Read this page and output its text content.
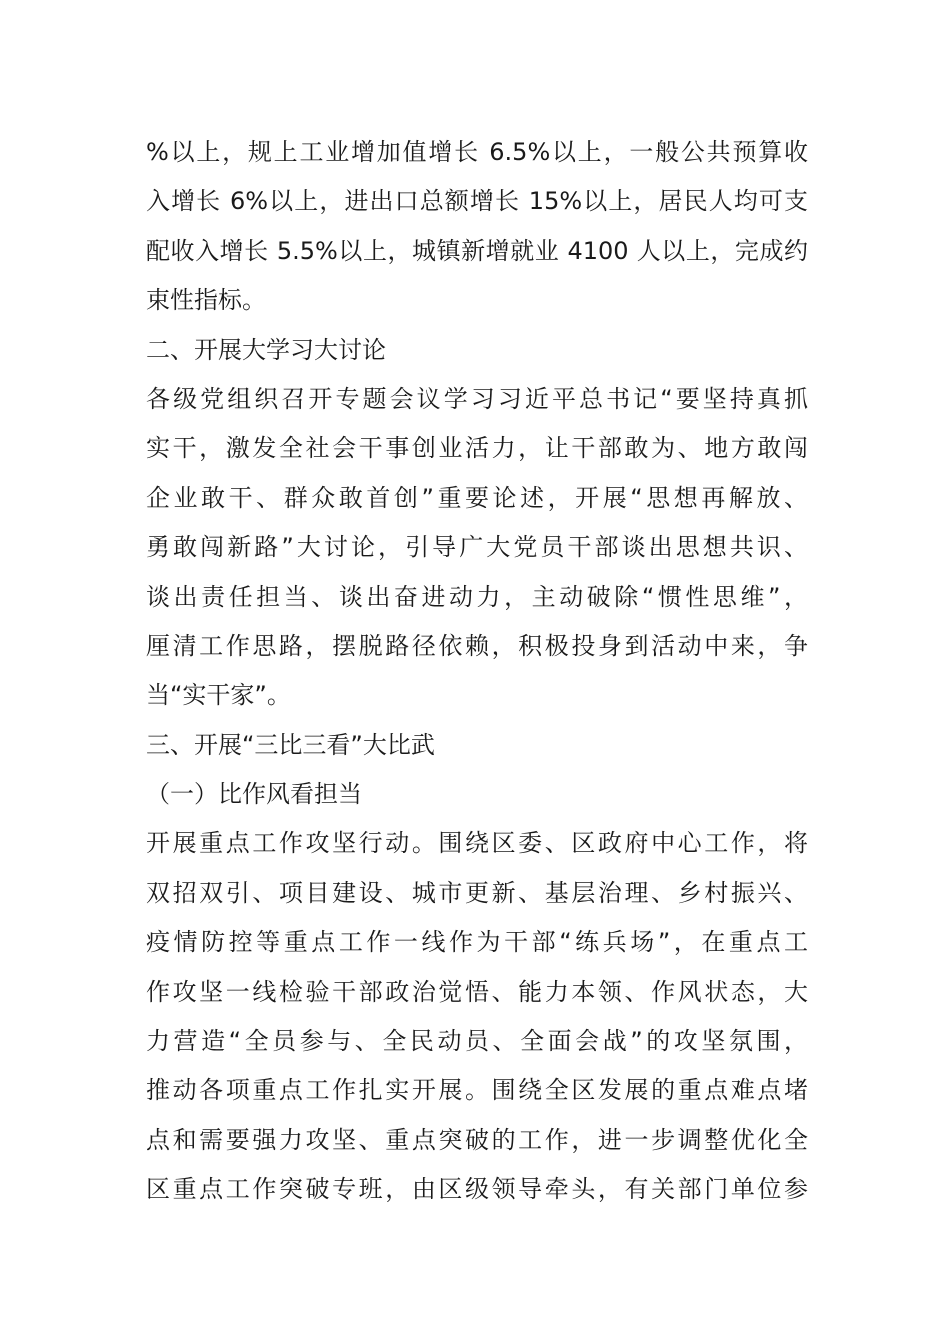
%以上，规上工业增加值增长 6.5%以上，一般公共预算收
入增长 6%以上，进出口总额增长 15%以上，居民人均可支
配收入增长 5.5%以上，城镇新增就业 4100 人以上，完成约
束性指标。
二、开展大学习大讨论
各级党组织召开专题会议学习习近平总书记“要坚持真抓
实干，激发全社会干事创业活力，让干部敢为、地方敢闯
企业敢干、群众敢首创”重要论述，开展“思想再解放、
勇敢闯新路”大讨论，引导广大党员干部谈出思想共识、
谈出责任担当、谈出奋进动力，主动破除“惯性思维”，
厘清工作思路，摆脱路径依赖，积极投身到活动中来，争
当“实干家”。
三、开展“三比三看”大比武
（一）比作风看担当
开展重点工作攻坚行动。围绕区委、区政府中心工作，将
双招双引、项目建设、城市更新、基层治理、乡村振兴、
疫情防控等重点工作一线作为干部“练兵场”，在重点工
作攻坚一线检验干部政治觉悟、能力本领、作风状态，大
力营造“全员参与、全民动员、全面会战”的攻坚氛围，
推动各项重点工作扎实开展。围绕全区发展的重点难点堵
点和需要强力攻坚、重点突破的工作，进一步调整优化全
区重点工作突破专班，由区级领导牵头，有关部门单位参
